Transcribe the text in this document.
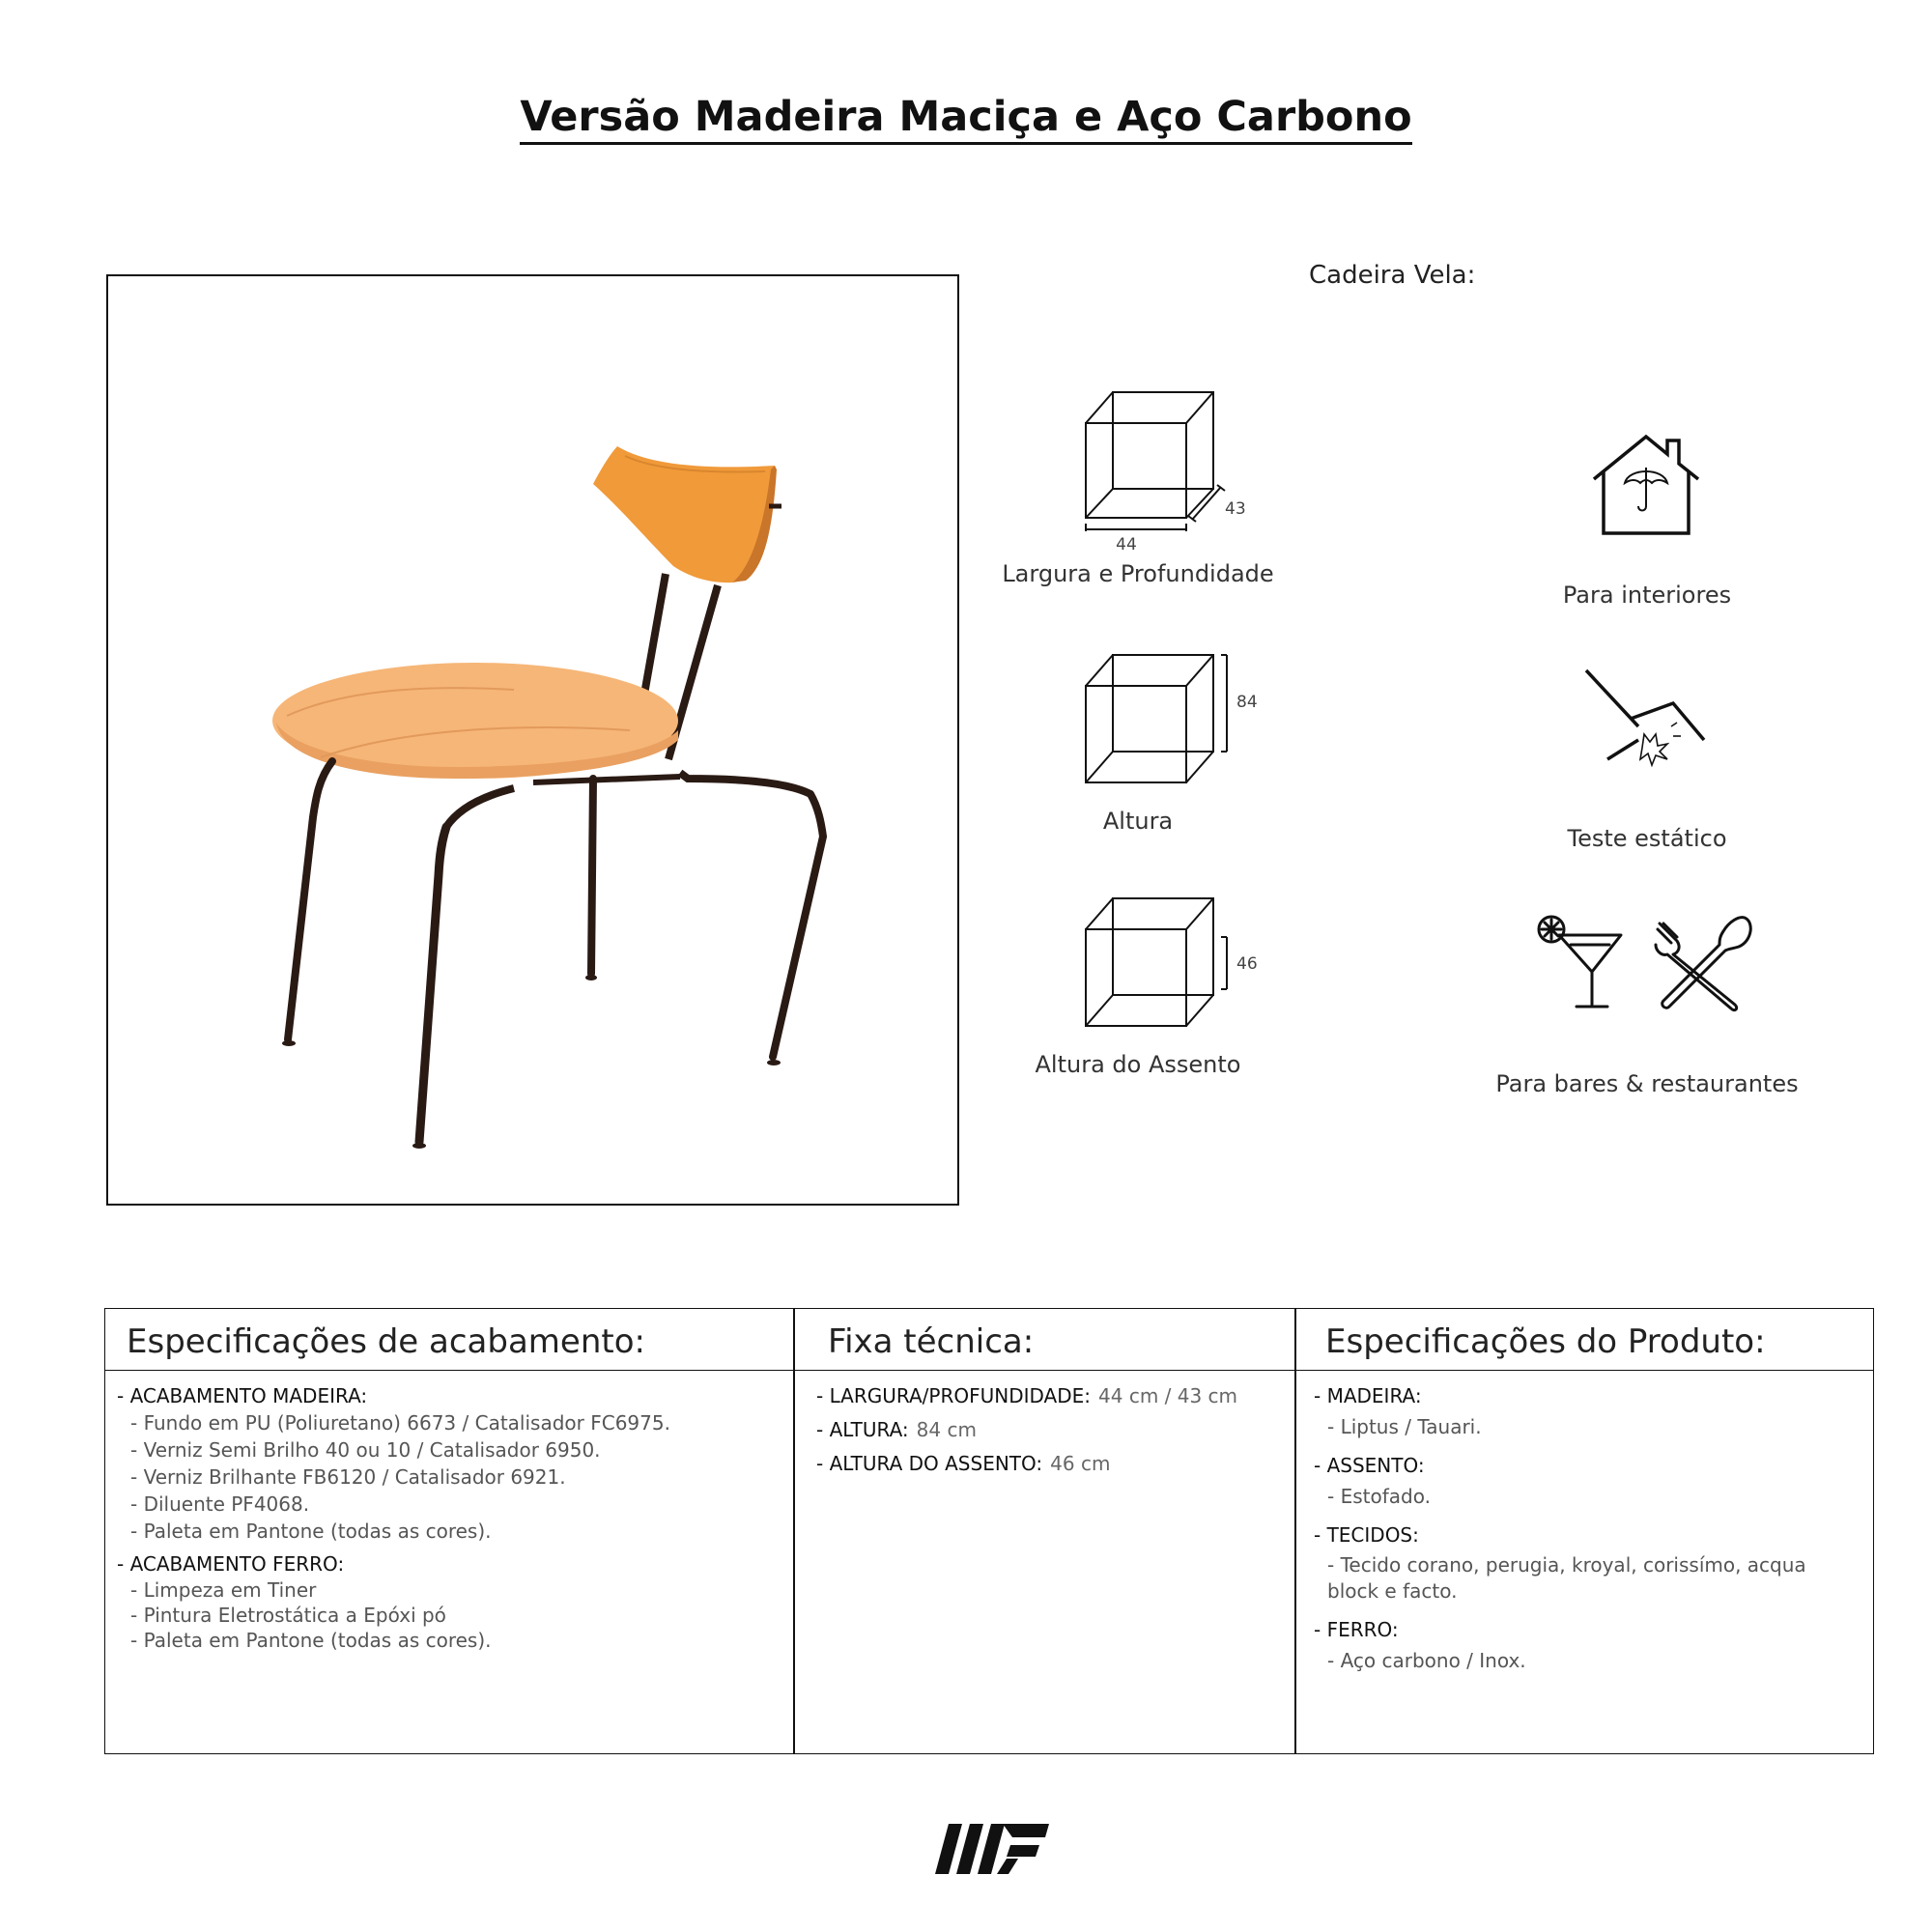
Versão Madeira Maciça e Aço Carbono
Cadeira Vela:
43
44
Largura e Profundidade
84
Altura
46
Altura do Assento
Para interiores
Teste estático
Para bares & restaurantes
Especificações de acabamento:
- ACABAMENTO MADEIRA:
- Fundo em PU (Poliuretano) 6673 / Catalisador FC6975.
- Verniz Semi Brilho 40 ou 10 / Catalisador 6950.
- Verniz Brilhante FB6120 / Catalisador 6921.
- Diluente PF4068.
- Paleta em Pantone (todas as cores).
- ACABAMENTO FERRO:
- Limpeza em Tiner
- Pintura Eletrostática a Epóxi pó
- Paleta em Pantone (todas as cores).
Fixa técnica:
- LARGURA/PROFUNDIDADE: 44 cm / 43 cm
- ALTURA: 84 cm
- ALTURA DO ASSENTO: 46 cm
Especificações do Produto:
- MADEIRA:
- Liptus / Tauari.
- ASSENTO:
- Estofado.
- TECIDOS:
- Tecido corano, perugia, kroyal, corissímo, acqua block e facto.
- FERRO:
- Aço carbono / Inox.
